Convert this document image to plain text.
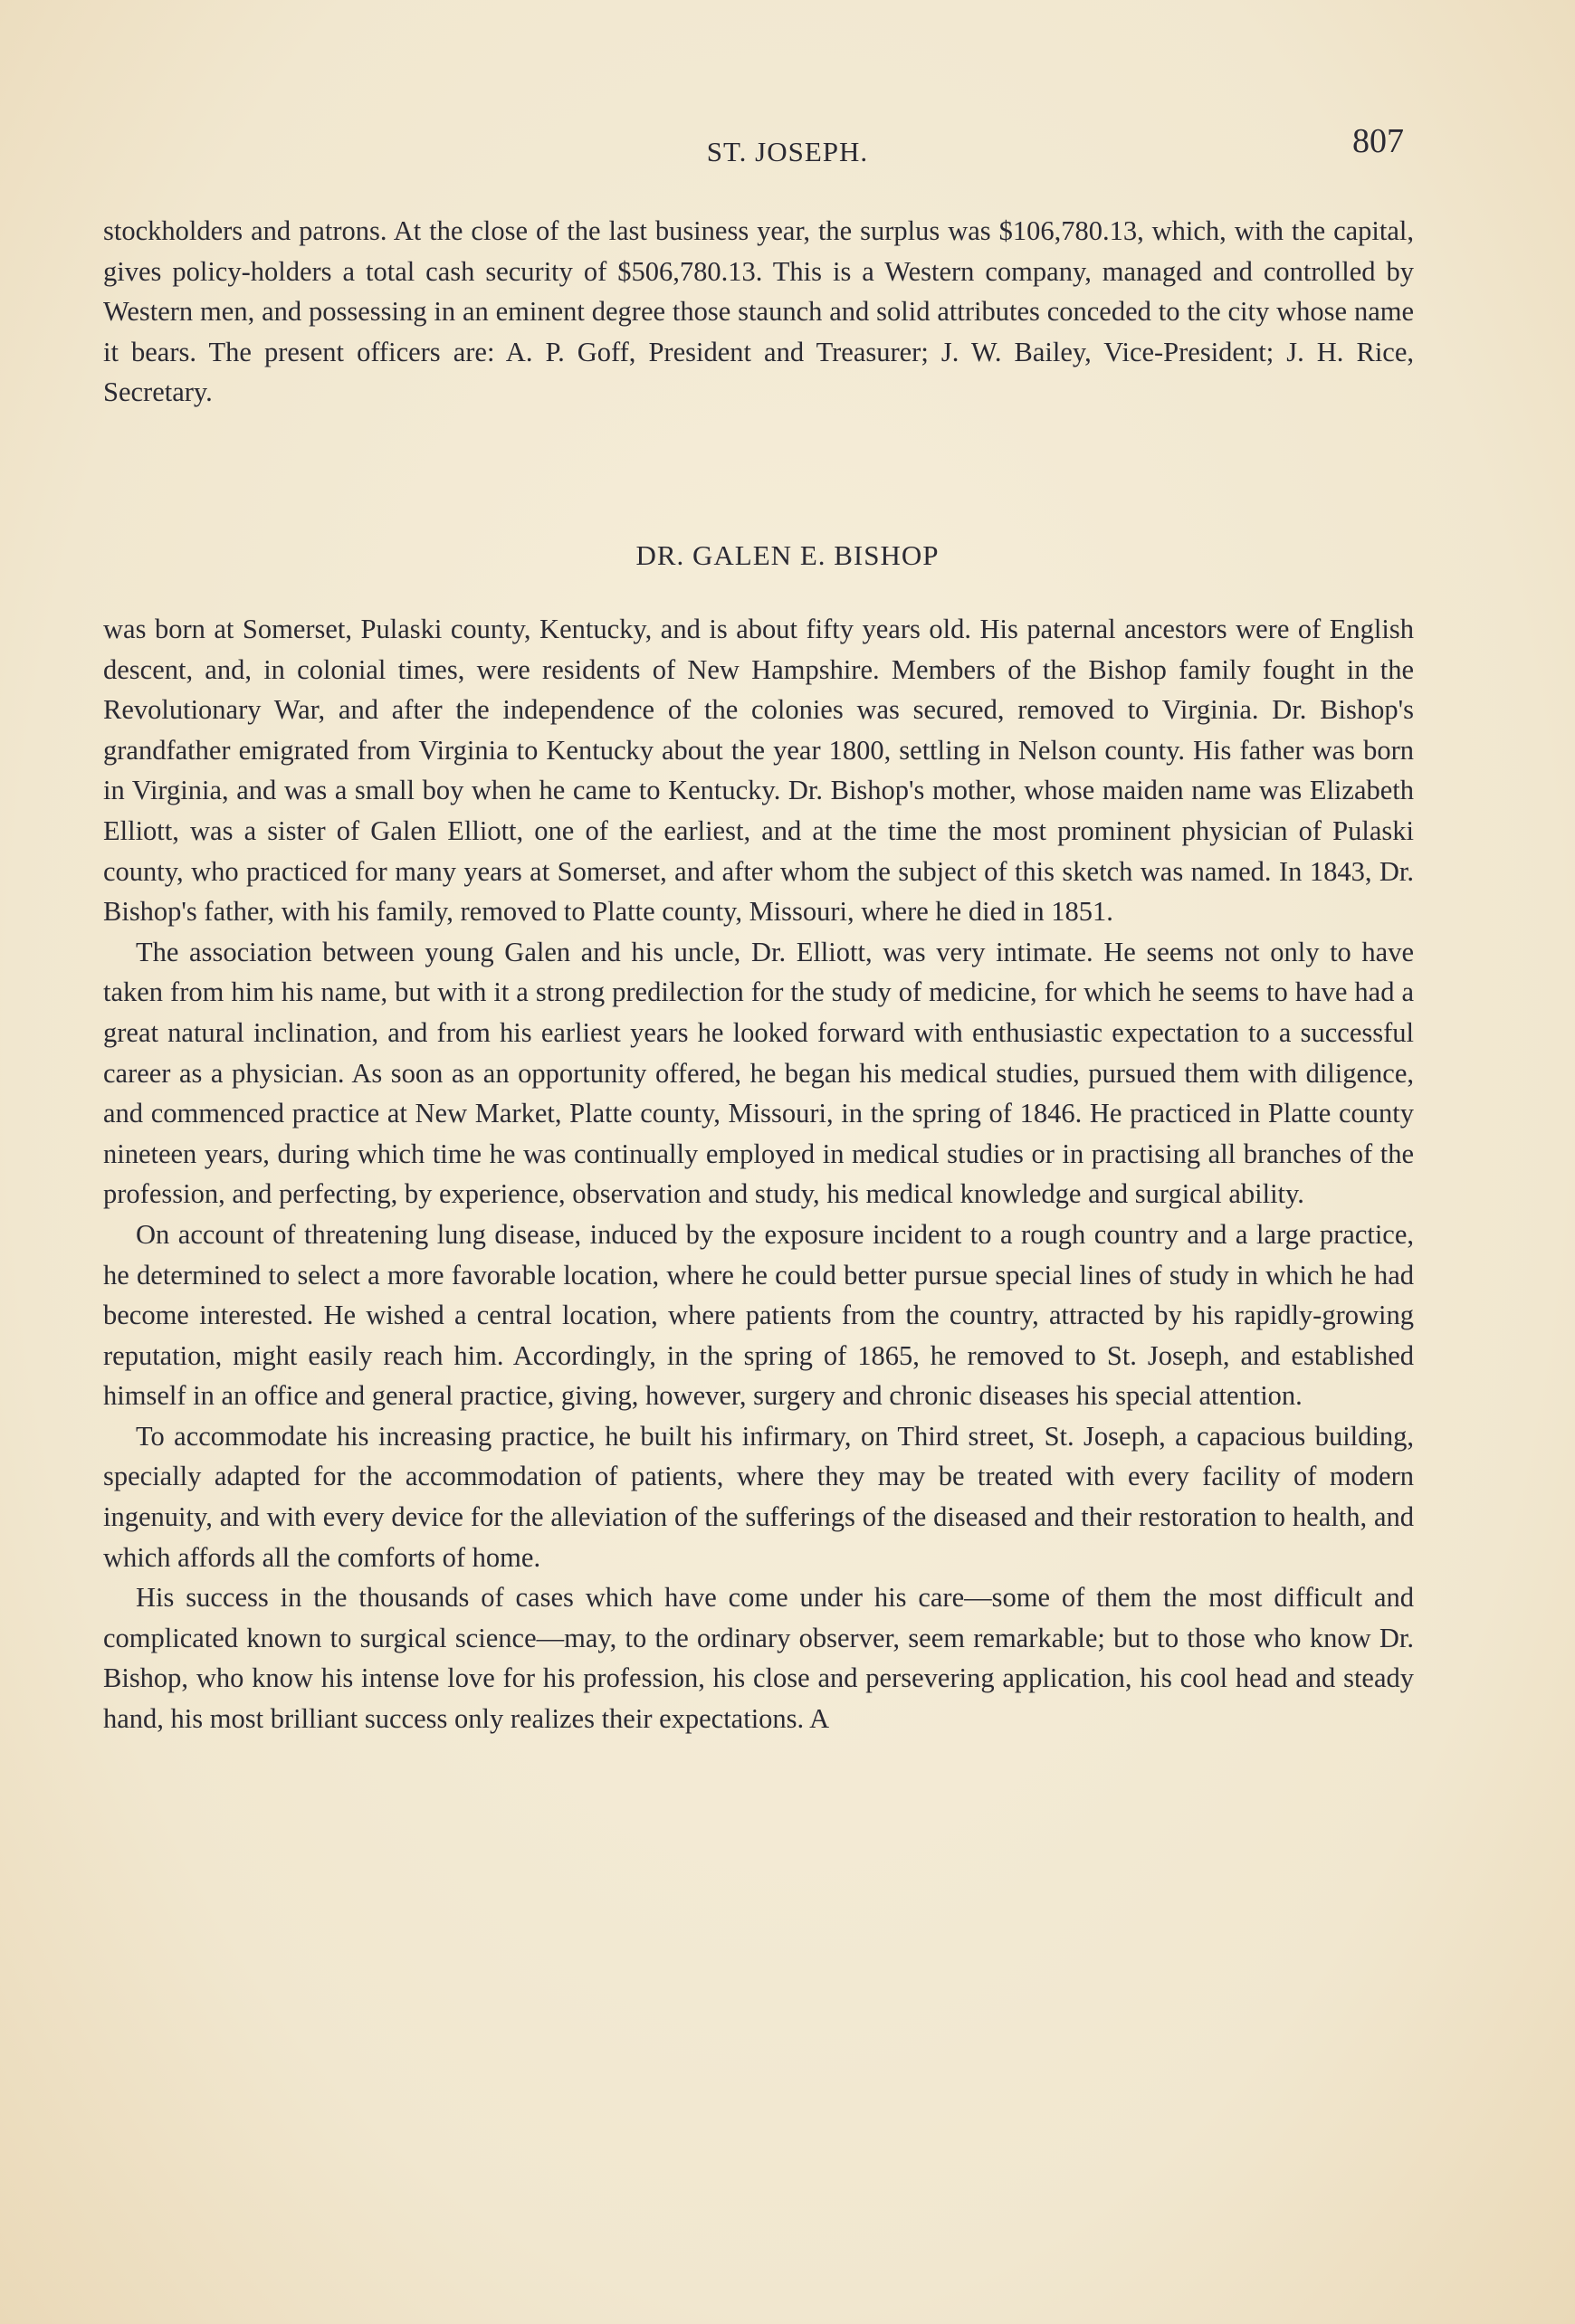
ST. JOSEPH.	807

stockholders and patrons. At the close of the last business year, the surplus was $106,780.13, which, with the capital, gives policy-holders a total cash security of $506,780.13. This is a Western company, managed and controlled by Western men, and possessing in an eminent degree those staunch and solid attributes conceded to the city whose name it bears. The present officers are: A. P. Goff, President and Treasurer; J. W. Bailey, Vice-President; J. H. Rice, Secretary.

DR. GALEN E. BISHOP

was born at Somerset, Pulaski county, Kentucky, and is about fifty years old. His paternal ancestors were of English descent, and, in colonial times, were residents of New Hampshire. Members of the Bishop family fought in the Revolutionary War, and after the independence of the colonies was secured, removed to Virginia. Dr. Bishop's grandfather emigrated from Virginia to Kentucky about the year 1800, settling in Nelson county. His father was born in Virginia, and was a small boy when he came to Kentucky. Dr. Bishop's mother, whose maiden name was Elizabeth Elliott, was a sister of Galen Elliott, one of the earliest, and at the time the most prominent physician of Pulaski county, who practiced for many years at Somerset, and after whom the subject of this sketch was named. In 1843, Dr. Bishop's father, with his family, removed to Platte county, Missouri, where he died in 1851.

The association between young Galen and his uncle, Dr. Elliott, was very intimate. He seems not only to have taken from him his name, but with it a strong predilection for the study of medicine, for which he seems to have had a great natural inclination, and from his earliest years he looked forward with enthusiastic expectation to a successful career as a physician. As soon as an opportunity offered, he began his medical studies, pursued them with diligence, and commenced practice at New Market, Platte county, Missouri, in the spring of 1846. He practiced in Platte county nineteen years, during which time he was continually employed in medical studies or in practising all branches of the profession, and perfecting, by experience, observation and study, his medical knowledge and surgical ability.

On account of threatening lung disease, induced by the exposure incident to a rough country and a large practice, he determined to select a more favorable location, where he could better pursue special lines of study in which he had become interested. He wished a central location, where patients from the country, attracted by his rapidly-growing reputation, might easily reach him. Accordingly, in the spring of 1865, he removed to St. Joseph, and established himself in an office and general practice, giving, however, surgery and chronic diseases his special attention.

To accommodate his increasing practice, he built his infirmary, on Third street, St. Joseph, a capacious building, specially adapted for the accommodation of patients, where they may be treated with every facility of modern ingenuity, and with every device for the alleviation of the sufferings of the diseased and their restoration to health, and which affords all the comforts of home.

His success in the thousands of cases which have come under his care—some of them the most difficult and complicated known to surgical science—may, to the ordinary observer, seem remarkable; but to those who know Dr. Bishop, who know his intense love for his profession, his close and persevering application, his cool head and steady hand, his most brilliant success only realizes their expectations. A
